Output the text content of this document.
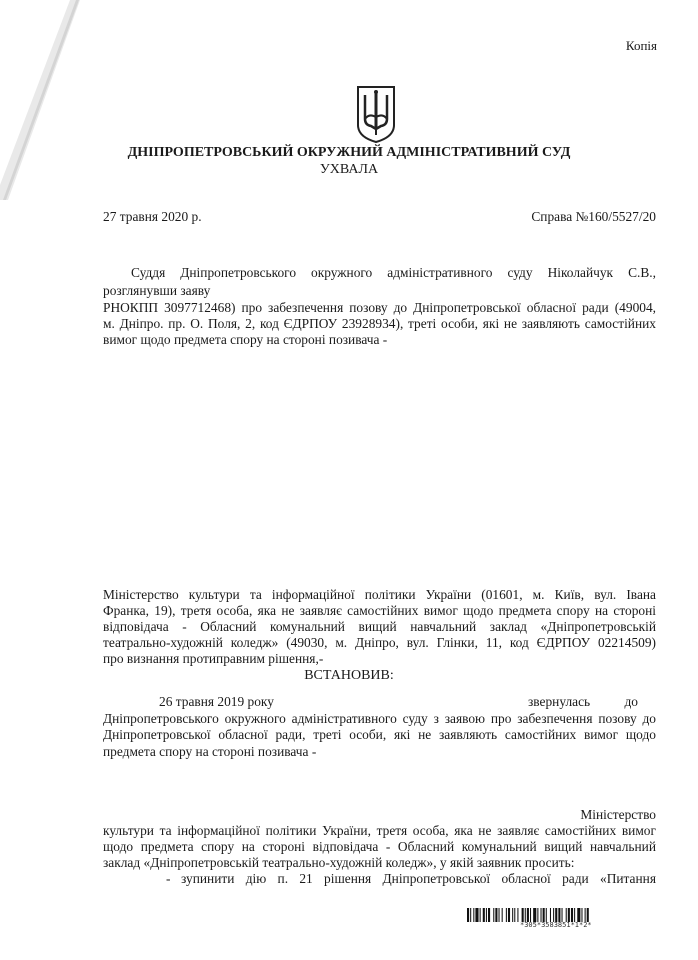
Копія
ДНІПРОПЕТРОВСЬКИЙ ОКРУЖНИЙ АДМІНІСТРАТИВНИЙ СУД
УХВАЛА
27 травня 2020 р.	Справа №160/5527/20
Суддя Дніпропетровського окружного адміністративного суду Ніколайчук С.В.,
розглянувши заяву
РНОКПП 3097712468) про забезпечення позову до Дніпропетровської обласної ради (49004,
м. Дніпро. пр. О. Поля, 2, код ЄДРПОУ 23928934), треті особи, які не заявляють самостійних
вимог щодо предмета спору на стороні позивача -
Міністерство культури та інформаційної політики України (01601, м. Київ, вул. Івана
Франка, 19), третя особа, яка не заявляє самостійних вимог щодо предмета спору на стороні
відповідача - Обласний комунальний вищий навчальний заклад «Дніпропетровській
театрально-художній коледж» (49030, м. Дніпро, вул. Глінки, 11, код ЄДРПОУ 02214509)
про визнання протиправним рішення,-
ВСТАНОВИВ:
26 травня 2019 року	звернулась до
Дніпропетровського окружного адміністративного суду з заявою про забезпечення позову до
Дніпропетровської обласної ради, треті особи, які не заявляють самостійних вимог щодо
предмета спору на стороні позивача -
Міністерство
культури та інформаційної політики України, третя особа, яка не заявляє самостійних вимог
щодо предмета спору на стороні відповідача - Обласний комунальний вищий навчальний
заклад «Дніпропетровській театрально-художній коледж», у якій заявник просить:
- зупинити дію п. 21 рішення Дніпропетровської обласної ради «Питання
*305*3583851*1*2*
